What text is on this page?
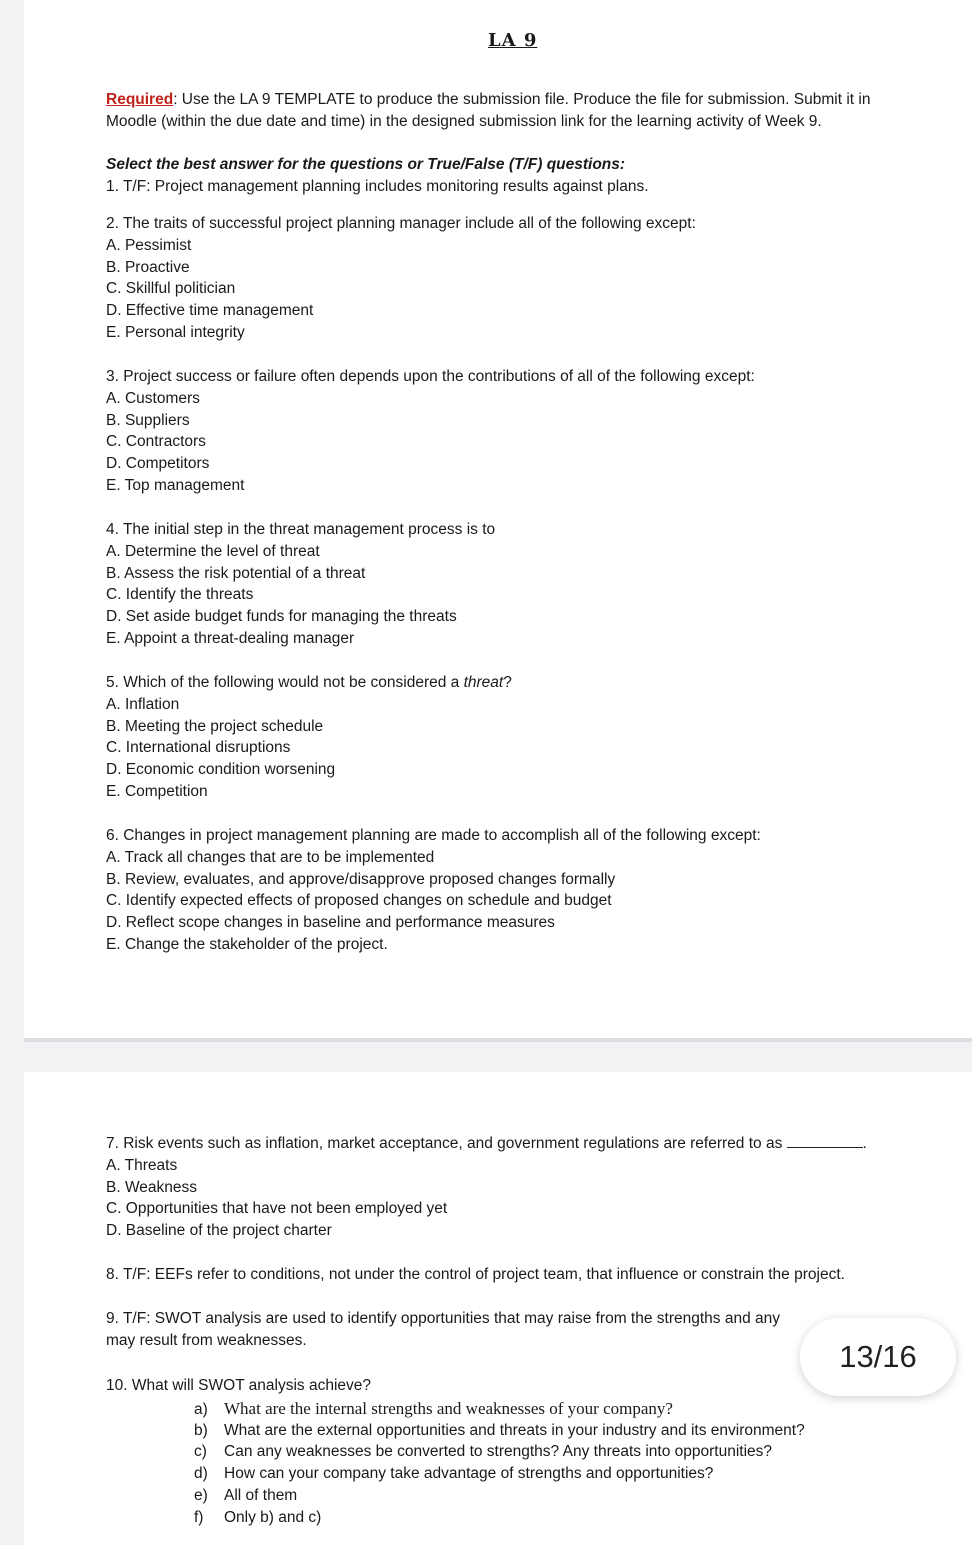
LA 9
Required: Use the LA 9 TEMPLATE to produce the submission file. Produce the file for submission. Submit it in
Moodle (within the due date and time) in the designed submission link for the learning activity of Week 9.
Select the best answer for the questions or True/False (T/F) questions:
1. T/F: Project management planning includes monitoring results against plans.
2. The traits of successful project planning manager include all of the following except:
A. Pessimist
B. Proactive
C. Skillful politician
D. Effective time management
E. Personal integrity
3. Project success or failure often depends upon the contributions of all of the following except:
A. Customers
B. Suppliers
C. Contractors
D. Competitors
E. Top management
4. The initial step in the threat management process is to
A. Determine the level of threat
B. Assess the risk potential of a threat
C. Identify the threats
D. Set aside budget funds for managing the threats
E. Appoint a threat-dealing manager
5. Which of the following would not be considered a threat?
A. Inflation
B. Meeting the project schedule
C. International disruptions
D. Economic condition worsening
E. Competition
6. Changes in project management planning are made to accomplish all of the following except:
A. Track all changes that are to be implemented
B. Review, evaluates, and approve/disapprove proposed changes formally
C. Identify expected effects of proposed changes on schedule and budget
D. Reflect scope changes in baseline and performance measures
E. Change the stakeholder of the project.
7. Risk events such as inflation, market acceptance, and government regulations are referred to as	.
A. Threats
B. Weakness
C. Opportunities that have not been employed yet
D. Baseline of the project charter
8. T/F: EEFs refer to conditions, not under the control of project team, that influence or constrain the project.
9. T/F: SWOT analysis are used to identify opportunities that may raise from the strengths and any
may result from weaknesses.
10. What will SWOT analysis achieve?
a) What are the internal strengths and weaknesses of your company?
b) What are the external opportunities and threats in your industry and its environment?
c) Can any weaknesses be converted to strengths? Any threats into opportunities?
d) How can your company take advantage of strengths and opportunities?
e) All of them
f) Only b) and c)
13/16
